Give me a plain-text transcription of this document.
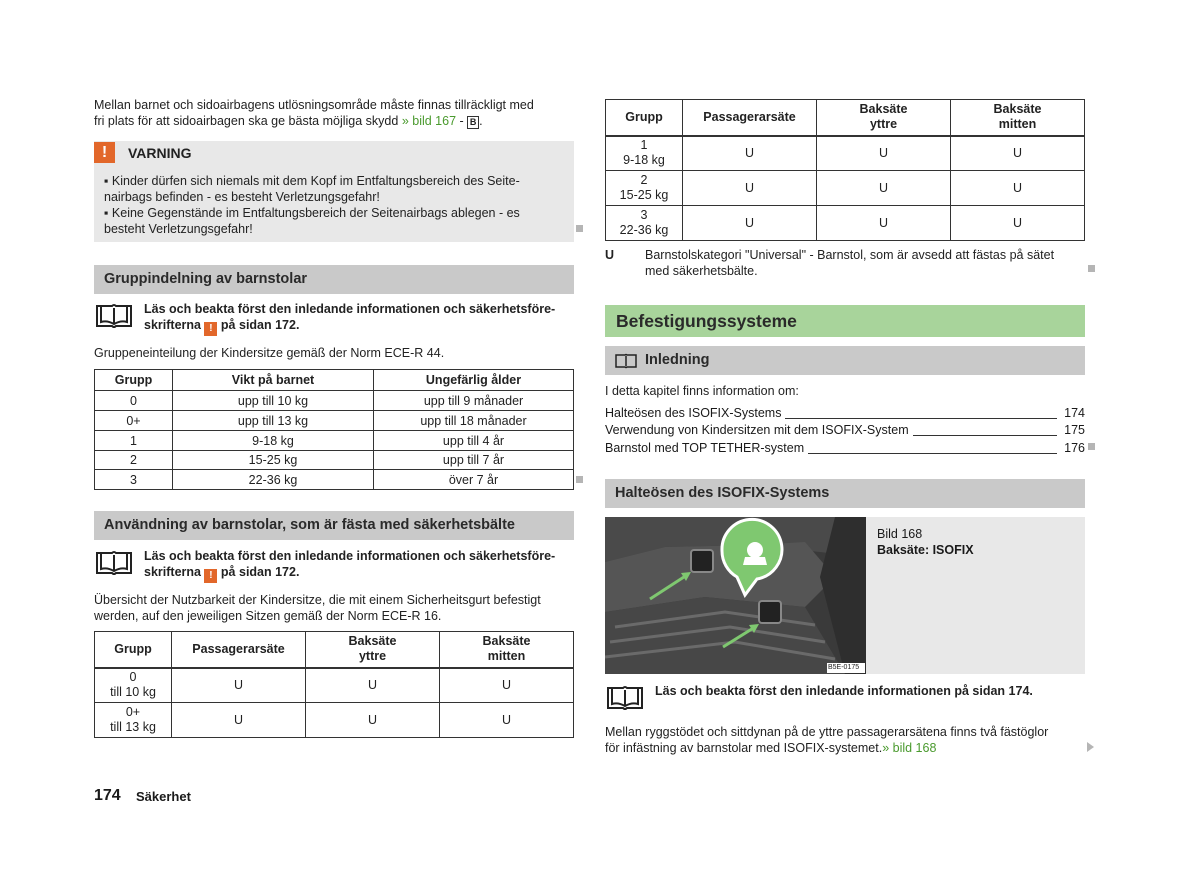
Mellan barnet och sidoairbagens utlösningsområde måste finnas tillräckligt med
fri plats för att sidoairbagen ska ge bästa möjliga skydd » bild 167 - B .
!	VARNING
▪ Kinder dürfen sich niemals mit dem Kopf im Entfaltungsbereich des Seite-
nairbags befinden - es besteht Verletzungsgefahr!
▪ Keine Gegenstände im Entfaltungsbereich der Seitenairbags ablegen - es
besteht Verletzungsgefahr!
Gruppindelning av barnstolar
Läs och beakta först den inledande informationen och säkerhetsföre-
skrifterna ! på sidan 172.
Gruppeneinteilung der Kindersitze gemäß der Norm ECE-R 44.
Grupp	Vikt på barnet	Ungefärlig ålder
0	upp till 10 kg	upp till 9 månader
0+	upp till 13 kg	upp till 18 månader
1	9-18 kg	upp till 4 år
2	15-25 kg	upp till 7 år
3	22-36 kg	över 7 år
Användning av barnstolar, som är fästa med säkerhetsbälte
Läs och beakta först den inledande informationen och säkerhetsföre-
skrifterna ! på sidan 172.
Übersicht der Nutzbarkeit der Kindersitze, die mit einem Sicherheitsgurt befestigt
werden, auf den jeweiligen Sitzen gemäß der Norm ECE-R 16.
Grupp	Passagerarsäte	Baksäte
yttre	Baksäte
mitten
0
till 10 kg	U	U	U
0+
till 13 kg	U	U	U
174 Säkerhet
Grupp	Passagerarsäte	Baksäte
yttre	Baksäte
mitten
1
9-18 kg	U	U	U
2
15-25 kg	U	U	U
3
22-36 kg	U	U	U
U Barnstolskategori "Universal" - Barnstol, som är avsedd att fästas på sätet
med säkerhetsbälte.
Befestigungssysteme
Inledning
I detta kapitel finns information om:
Halteösen des ISOFIX-Systems	174
Verwendung von Kindersitzen mit dem ISOFIX-System	175
Barnstol med TOP TETHER-system	176
Halteösen des ISOFIX-Systems
B5E-0175
Bild 168
Baksäte: ISOFIX
Läs och beakta först den inledande informationen på sidan 174.
Mellan ryggstödet och sittdynan på de yttre passagerarsätena finns två fästöglor
för infästning av barnstolar med ISOFIX-systemet.» bild 168
